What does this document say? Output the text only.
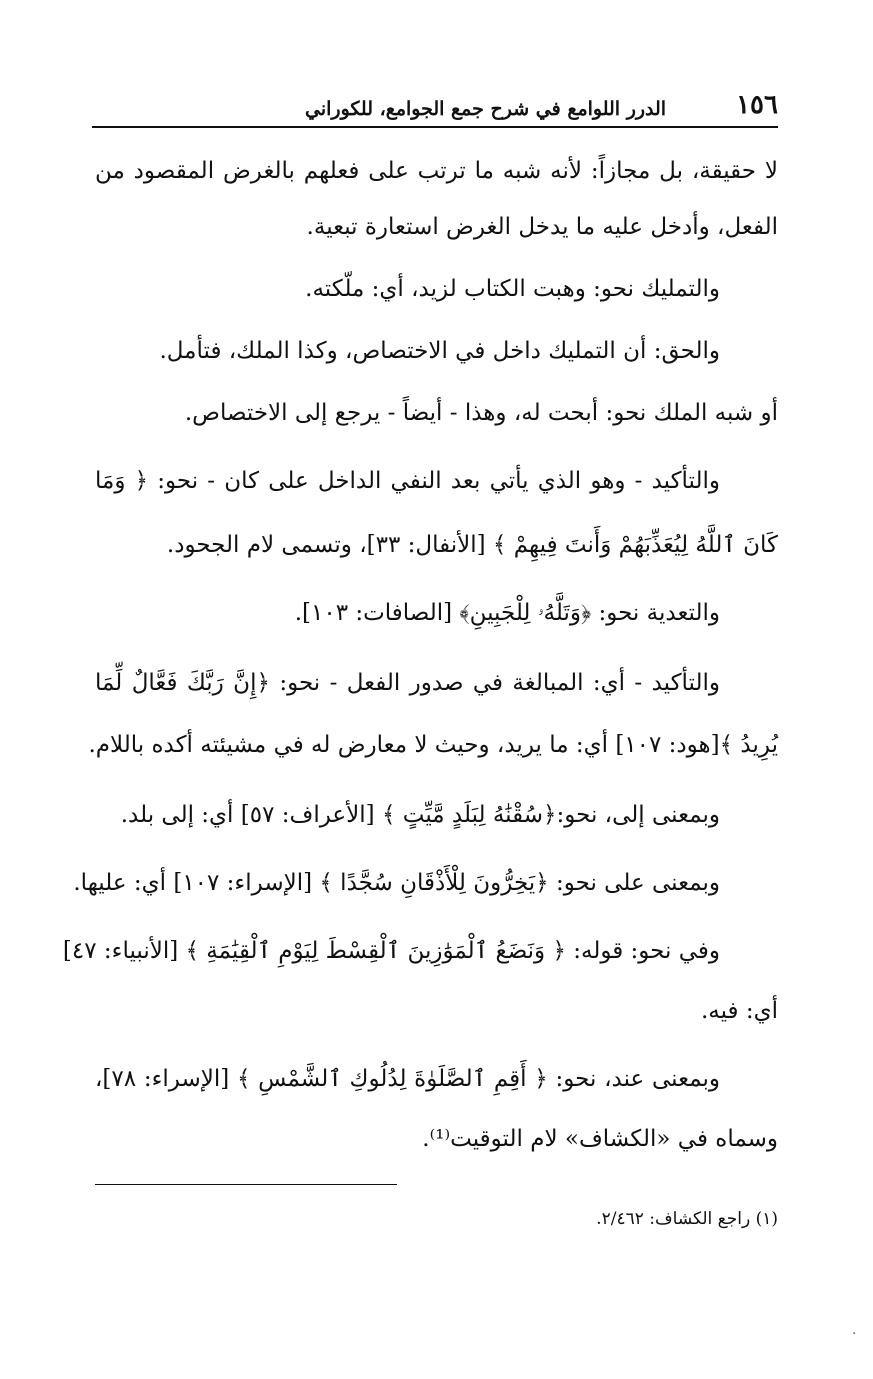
١٥٦
الدرر اللوامع في شرح جمع الجوامع، للكوراني
لا حقيقة، بل مجازاً: لأنه شبه ما ترتب على فعلهم بالغرض المقصود من
الفعل، وأدخل عليه ما يدخل الغرض استعارة تبعية.
والتمليك نحو: وهبت الكتاب لزيد، أي: ملّكته.
والحق: أن التمليك داخل في الاختصاص، وكذا الملك، فتأمل.
أو شبه الملك نحو: أبحت له، وهذا - أيضاً - يرجع إلى الاختصاص.
والتأكيد - وهو الذي يأتي بعد النفي الداخل على كان - نحو: ﴿ وَمَا
كَانَ ٱللَّهُ لِيُعَذِّبَهُمْ وَأَنتَ فِيهِمْ ﴾ [الأنفال: ٣٣]، وتسمى لام الجحود.
والتعدية نحو: ﴿وَتَلَّهُۥ لِلْجَبِينِ﴾ [الصافات: ١٠٣].
والتأكيد - أي: المبالغة في صدور الفعل - نحو: ﴿إِنَّ رَبَّكَ فَعَّالٌ لِّمَا
يُرِيدُ ﴾[هود: ١٠٧] أي: ما يريد، وحيث لا معارض له في مشيئته أكده باللام.
وبمعنى إلى، نحو:﴿سُقْنَٰهُ لِبَلَدٍ مَّيِّتٍ ﴾ [الأعراف: ٥٧] أي: إلى بلد.
وبمعنى على نحو: ﴿يَخِرُّونَ لِلْأَذْقَانِ سُجَّدًا ﴾ [الإسراء: ١٠٧] أي: عليها.
وفي نحو: قوله: ﴿ وَنَضَعُ ٱلْمَوَٰزِينَ ٱلْقِسْطَ لِيَوْمِ ٱلْقِيَٰمَةِ ﴾ [الأنبياء: ٤٧]
أي: فيه.
وبمعنى عند، نحو: ﴿ أَقِمِ ٱلصَّلَوٰةَ لِدُلُوكِ ٱلشَّمْسِ ﴾ [الإسراء: ٧٨]،
وسماه في «الكشاف» لام التوقيت⁽¹⁾.
(١) راجع الكشاف: ٢/٤٦٢.
·
